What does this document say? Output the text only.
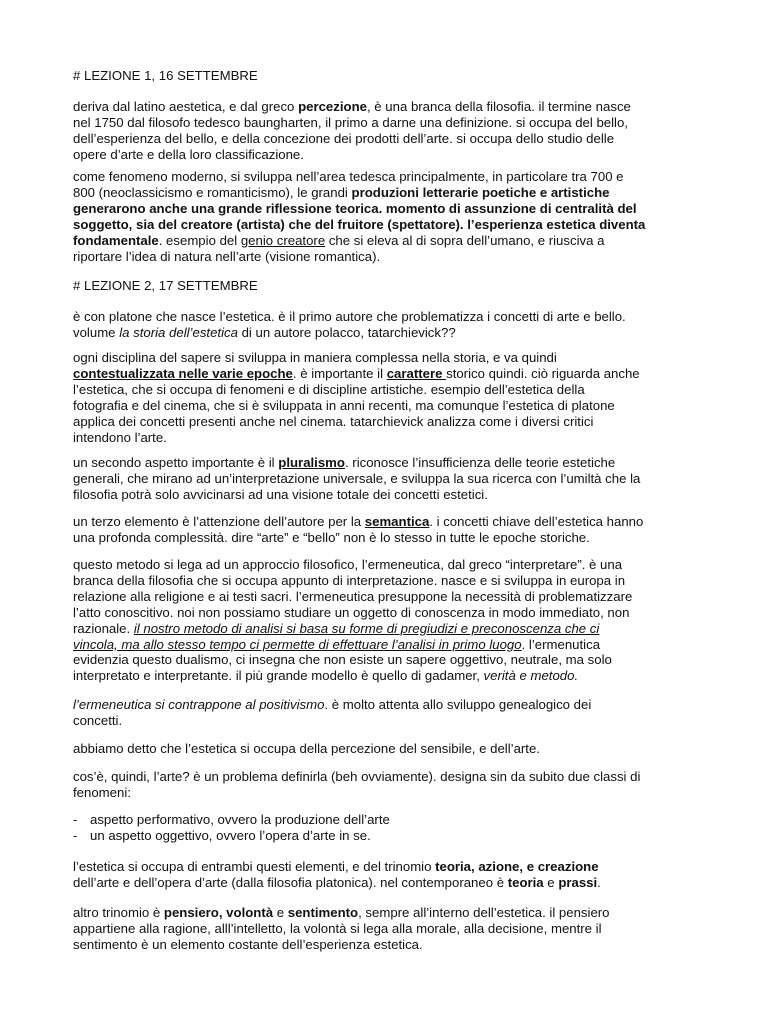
# LEZIONE 1, 16 SETTEMBRE

deriva dal latino aestetica, e dal greco percezione, è una branca della filosofia. il termine nasce
nel 1750 dal filosofo tedesco baungharten, il primo a darne una definizione. si occupa del bello,
dell’esperienza del bello, e della concezione dei prodotti dell’arte. si occupa dello studio delle
opere d’arte e della loro classificazione.

come fenomeno moderno, si sviluppa nell’area tedesca principalmente, in particolare tra 700 e
800 (neoclassicismo e romanticismo), le grandi produzioni letterarie poetiche e artistiche
generarono anche una grande riflessione teorica. momento di assunzione di centralità del
soggetto, sia del creatore (artista) che del fruitore (spettatore). l’esperienza estetica diventa
fondamentale. esempio del genio creatore che si eleva al di sopra dell’umano, e riusciva a
riportare l’idea di natura nell’arte (visione romantica).

# LEZIONE 2, 17 SETTEMBRE

è con platone che nasce l’estetica. è il primo autore che problematizza i concetti di arte e bello.
volume la storia dell’estetica di un autore polacco, tatarchievick??

ogni disciplina del sapere si sviluppa in maniera complessa nella storia, e va quindi
contestualizzata nelle varie epoche. è importante il carattere storico quindi. ciò riguarda anche
l’estetica, che si occupa di fenomeni e di discipline artistiche. esempio dell’estetica della
fotografia e del cinema, che si è sviluppata in anni recenti, ma comunque l’estetica di platone
applica dei concetti presenti anche nel cinema. tatarchievick analizza come i diversi critici
intendono l’arte.

un secondo aspetto importante è il pluralismo. riconosce l’insufficienza delle teorie estetiche
generali, che mirano ad un’interpretazione universale, e sviluppa la sua ricerca con l’umiltà che la
filosofia potrà solo avvicinarsi ad una visione totale dei concetti estetici.

un terzo elemento è l’attenzione dell’autore per la semantica. i concetti chiave dell’estetica hanno
una profonda complessità. dire “arte” e “bello” non è lo stesso in tutte le epoche storiche.

questo metodo si lega ad un approccio filosofico, l’ermeneutica, dal greco “interpretare”. è una
branca della filosofia che si occupa appunto di interpretazione. nasce e si sviluppa in europa in
relazione alla religione e ai testi sacri. l’ermeneutica presuppone la necessità di problematizzare
l’atto conoscitivo. noi non possiamo studiare un oggetto di conoscenza in modo immediato, non
razionale. il nostro metodo di analisi si basa su forme di pregiudizi e preconoscenza che ci
vincola, ma allo stesso tempo ci permette di effettuare l’analisi in primo luogo. l’ermenutica
evidenzia questo dualismo, ci insegna che non esiste un sapere oggettivo, neutrale, ma solo
interpretato e interpretante. il più grande modello è quello di gadamer, verità e metodo.

l’ermeneutica si contrappone al positivismo. è molto attenta allo sviluppo genealogico dei
concetti.

abbiamo detto che l’estetica si occupa della percezione del sensibile, e dell’arte.

cos’è, quindi, l’arte? è un problema definirla (beh ovviamente). designa sin da subito due classi di
fenomeni:

- aspetto performativo, ovvero la produzione dell’arte
- un aspetto oggettivo, ovvero l’opera d’arte in se.

l’estetica si occupa di entrambi questi elementi, e del trinomio teoria, azione, e creazione
dell’arte e dell’opera d’arte (dalla filosofia platonica). nel contemporaneo è teoria e prassi.

altro trinomio è pensiero, volontà e sentimento, sempre all’interno dell’estetica. il pensiero
appartiene alla ragione, alll’intelletto, la volontà si lega alla morale, alla decisione, mentre il
sentimento è un elemento costante dell’esperienza estetica.
